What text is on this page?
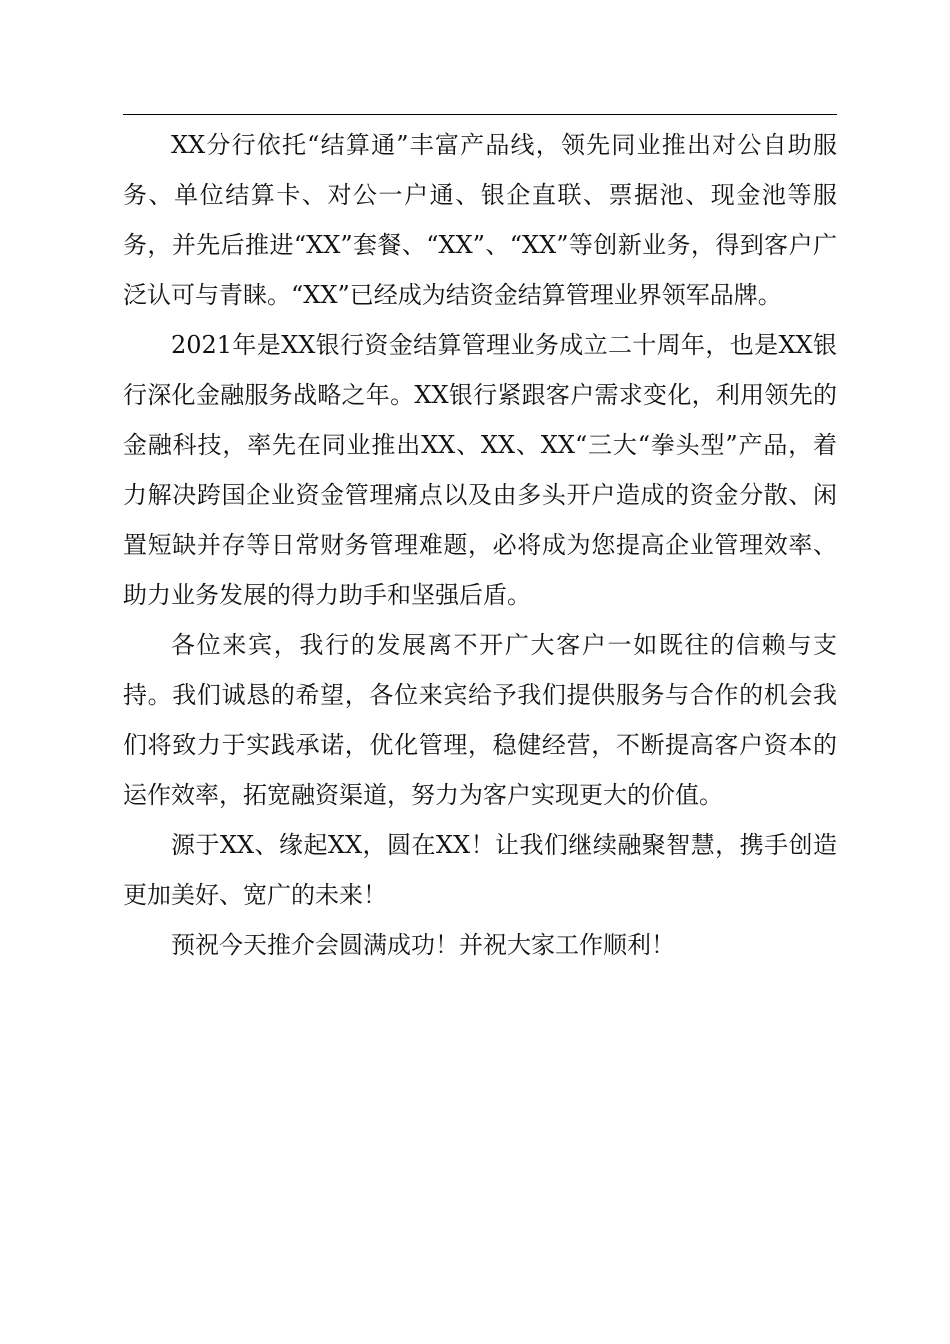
XX分行依托“结算通”丰富产品线，领先同业推出对公自助服务、单位结算卡、对公一户通、银企直联、票据池、现金池等服务，并先后推进“XX”套餐、“XX”、“XX”等创新业务，得到客户广泛认可与青睐。“XX”已经成为结资金结算管理业界领军品牌。

2021年是XX银行资金结算管理业务成立二十周年，也是XX银行深化金融服务战略之年。XX银行紧跟客户需求变化，利用领先的金融科技，率先在同业推出XX、XX、XX“三大“拳头型”产品，着力解决跨国企业资金管理痛点以及由多头开户造成的资金分散、闲置短缺并存等日常财务管理难题，必将成为您提高企业管理效率、助力业务发展的得力助手和坚强后盾。

各位来宾，我行的发展离不开广大客户一如既往的信赖与支持。我们诚恳的希望，各位来宾给予我们提供服务与合作的机会我们将致力于实践承诺，优化管理，稳健经营，不断提高客户资本的运作效率，拓宽融资渠道，努力为客户实现更大的价值。

源于XX、缘起XX，圆在XX！让我们继续融聚智慧，携手创造更加美好、宽广的未来！

预祝今天推介会圆满成功！并祝大家工作顺利！
